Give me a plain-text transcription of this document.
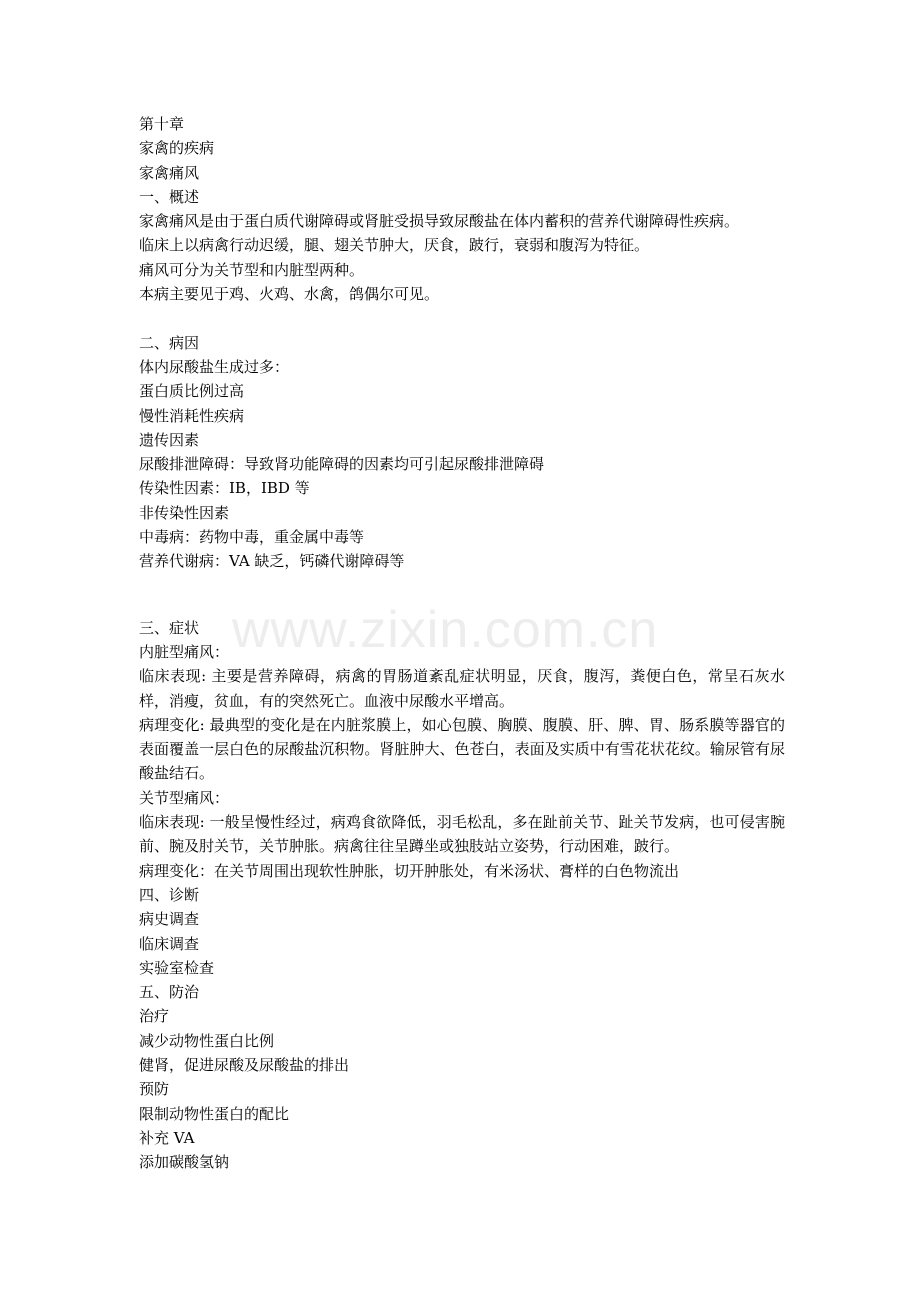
www.zixin.com.cn
第十章
家禽的疾病
家禽痛风
一、概述
家禽痛风是由于蛋白质代谢障碍或肾脏受损导致尿酸盐在体内蓄积的营养代谢障碍性疾病。
临床上以病禽行动迟缓，腿、翅关节肿大，厌食，跛行，衰弱和腹泻为特征。
痛风可分为关节型和内脏型两种。
本病主要见于鸡、火鸡、水禽，鸽偶尔可见。
二、病因
体内尿酸盐生成过多：
蛋白质比例过高
慢性消耗性疾病
遗传因素
尿酸排泄障碍：导致肾功能障碍的因素均可引起尿酸排泄障碍
传染性因素：IB，IBD 等
非传染性因素
中毒病：药物中毒，重金属中毒等
营养代谢病：VA 缺乏，钙磷代谢障碍等
三、症状
内脏型痛风：
临床表现: 主要是营养障碍，病禽的胃肠道紊乱症状明显，厌食，腹泻，粪便白色，常呈石灰水样，消瘦，贫血，有的突然死亡。血液中尿酸水平增高。
病理变化: 最典型的变化是在内脏浆膜上，如心包膜、胸膜、腹膜、肝、脾、胃、肠系膜等器官的表面覆盖一层白色的尿酸盐沉积物。肾脏肿大、色苍白，表面及实质中有雪花状花纹。输尿管有尿酸盐结石。
关节型痛风：
临床表现: 一般呈慢性经过，病鸡食欲降低，羽毛松乱，多在趾前关节、趾关节发病，也可侵害腕前、腕及肘关节，关节肿胀。病禽往往呈蹲坐或独肢站立姿势，行动困难，跛行。
病理变化：在关节周围出现软性肿胀，切开肿胀处，有米汤状、膏样的白色物流出
四、诊断
病史调查
临床调查
实验室检查
五、防治
治疗
减少动物性蛋白比例
健肾，促进尿酸及尿酸盐的排出
预防
限制动物性蛋白的配比
补充 VA
添加碳酸氢钠
